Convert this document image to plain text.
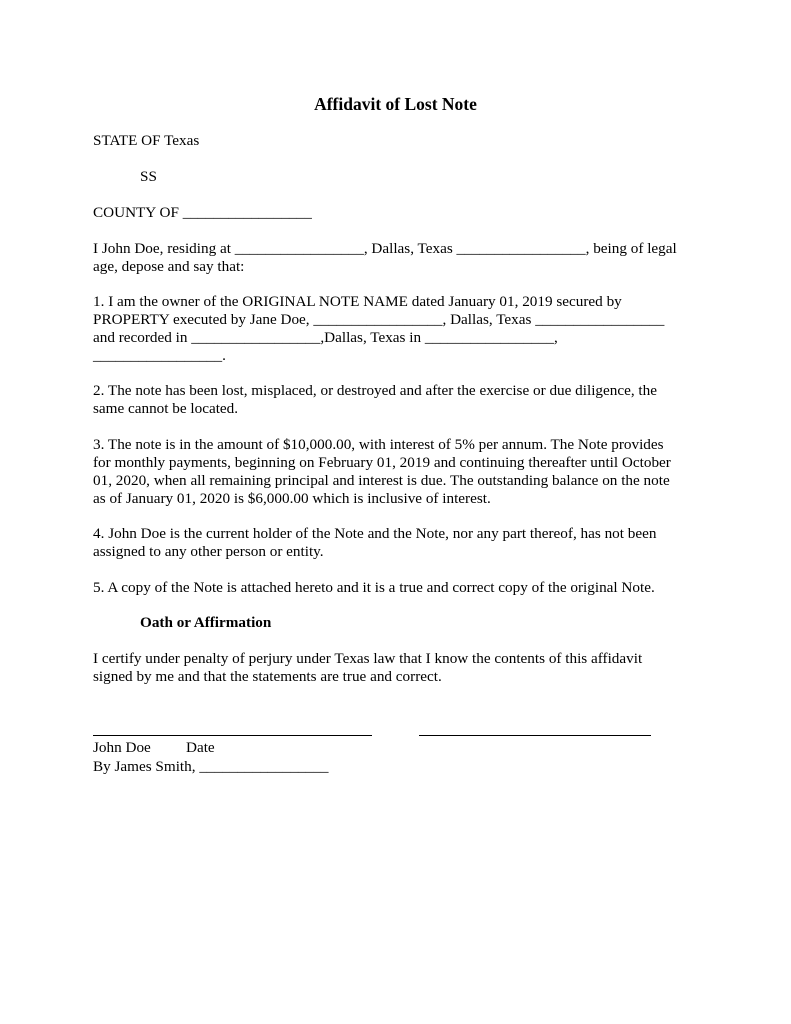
Affidavit of Lost Note
STATE OF Texas
SS
COUNTY OF _________________

I John Doe, residing at _________________, Dallas, Texas _________________, being of legal

age, depose and say that:

1. I am the owner of the ORIGINAL NOTE NAME dated January 01, 2019 secured by

PROPERTY executed by Jane Doe, _________________, Dallas, Texas _________________

and recorded in _________________,Dallas, Texas in _________________,

_________________.

2. The note has been lost, misplaced, or destroyed and after the exercise or due diligence, the

same cannot be located.

3. The note is in the amount of $10,000.00, with interest of 5% per annum. The Note provides

for monthly payments, beginning on February 01, 2019 and continuing thereafter until October

01, 2020, when all remaining principal and interest is due. The outstanding balance on the note

as of January 01, 2020 is $6,000.00 which is inclusive of interest.

4. John Doe is the current holder of the Note and the Note, nor any part thereof, has not been

assigned to any other person or entity.

5. A copy of the Note is attached hereto and it is a true and correct copy of the original Note.
Oath or Affirmation

I certify under penalty of perjury under Texas law that I know the contents of this affidavit

signed by me and that the statements are true and correct.

John Doe Date
By James Smith, _________________
